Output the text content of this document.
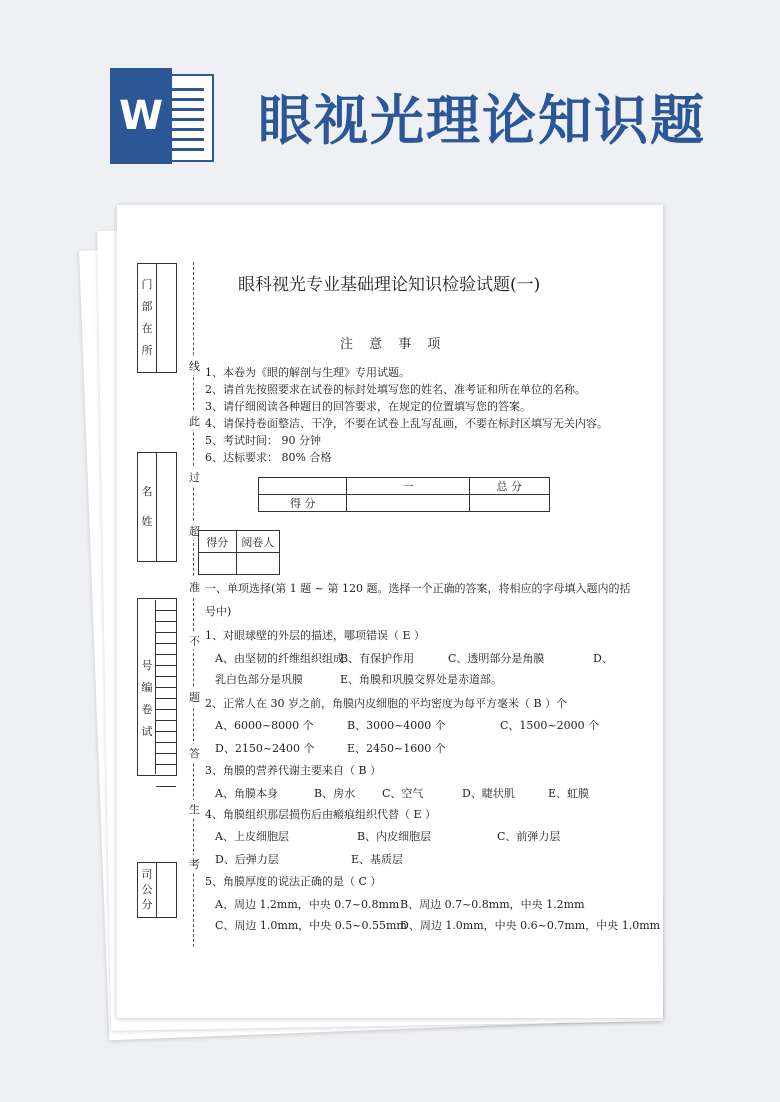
W 眼视光理论知识题
门部在所
名姓
号编卷试
司公分
线
此
过
超
准
不
题
答
生
考
眼科视光专业基础理论知识检验试题(一)
注 意 事 项
1、本卷为《眼的解剖与生理》专用试题。
2、请首先按照要求在试卷的标封处填写您的姓名、准考证和所在单位的名称。
3、请仔细阅读各种题目的回答要求，在规定的位置填写您的答案。
4、请保持卷面整洁、干净，不要在试卷上乱写乱画，不要在标封区填写无关内容。
5、考试时间： 90 分钟
6、达标要求： 80% 合格
	一	总 分
得 分		
得分	阅卷人

一、单项选择(第 1 题 ~ 第 120 题。选择一个正确的答案，将相应的字母填入题内的括
号中)
1、对眼球壁的外层的描述，哪项错误（ E ）
A、由坚韧的纤维组织组成
B、有保护作用	C、透明部分是角膜	D、
乳白色部分是巩膜	E、角膜和巩膜交界处是赤道部。
2、正常人在 30 岁之前，角膜内皮细胞的平均密度为每平方毫米（ B ）个
A、6000~8000 个	B、3000~4000 个	C、1500~2000 个
D、2150~2400 个	E、2450~1600 个
3、角膜的营养代谢主要来自（ B ）
A、角膜本身	B、房水 C、空气	D、睫状肌	E、虹膜
4、角膜组织那层损伤后由瘢痕组织代替（ E ）
A、上皮细胞层	B、内皮细胞层	C、前弹力层
D、后弹力层	E、基质层
5、角膜厚度的说法正确的是（ C ）
A、周边 1.2mm，中央 0.7~0.8mm B、周边 0.7~0.8mm，中央 1.2mm
C、周边 1.0mm，中央 0.5~0.55mm
D、周边 1.0mm，中央 0.6~0.7mm，中央 1.0mm
